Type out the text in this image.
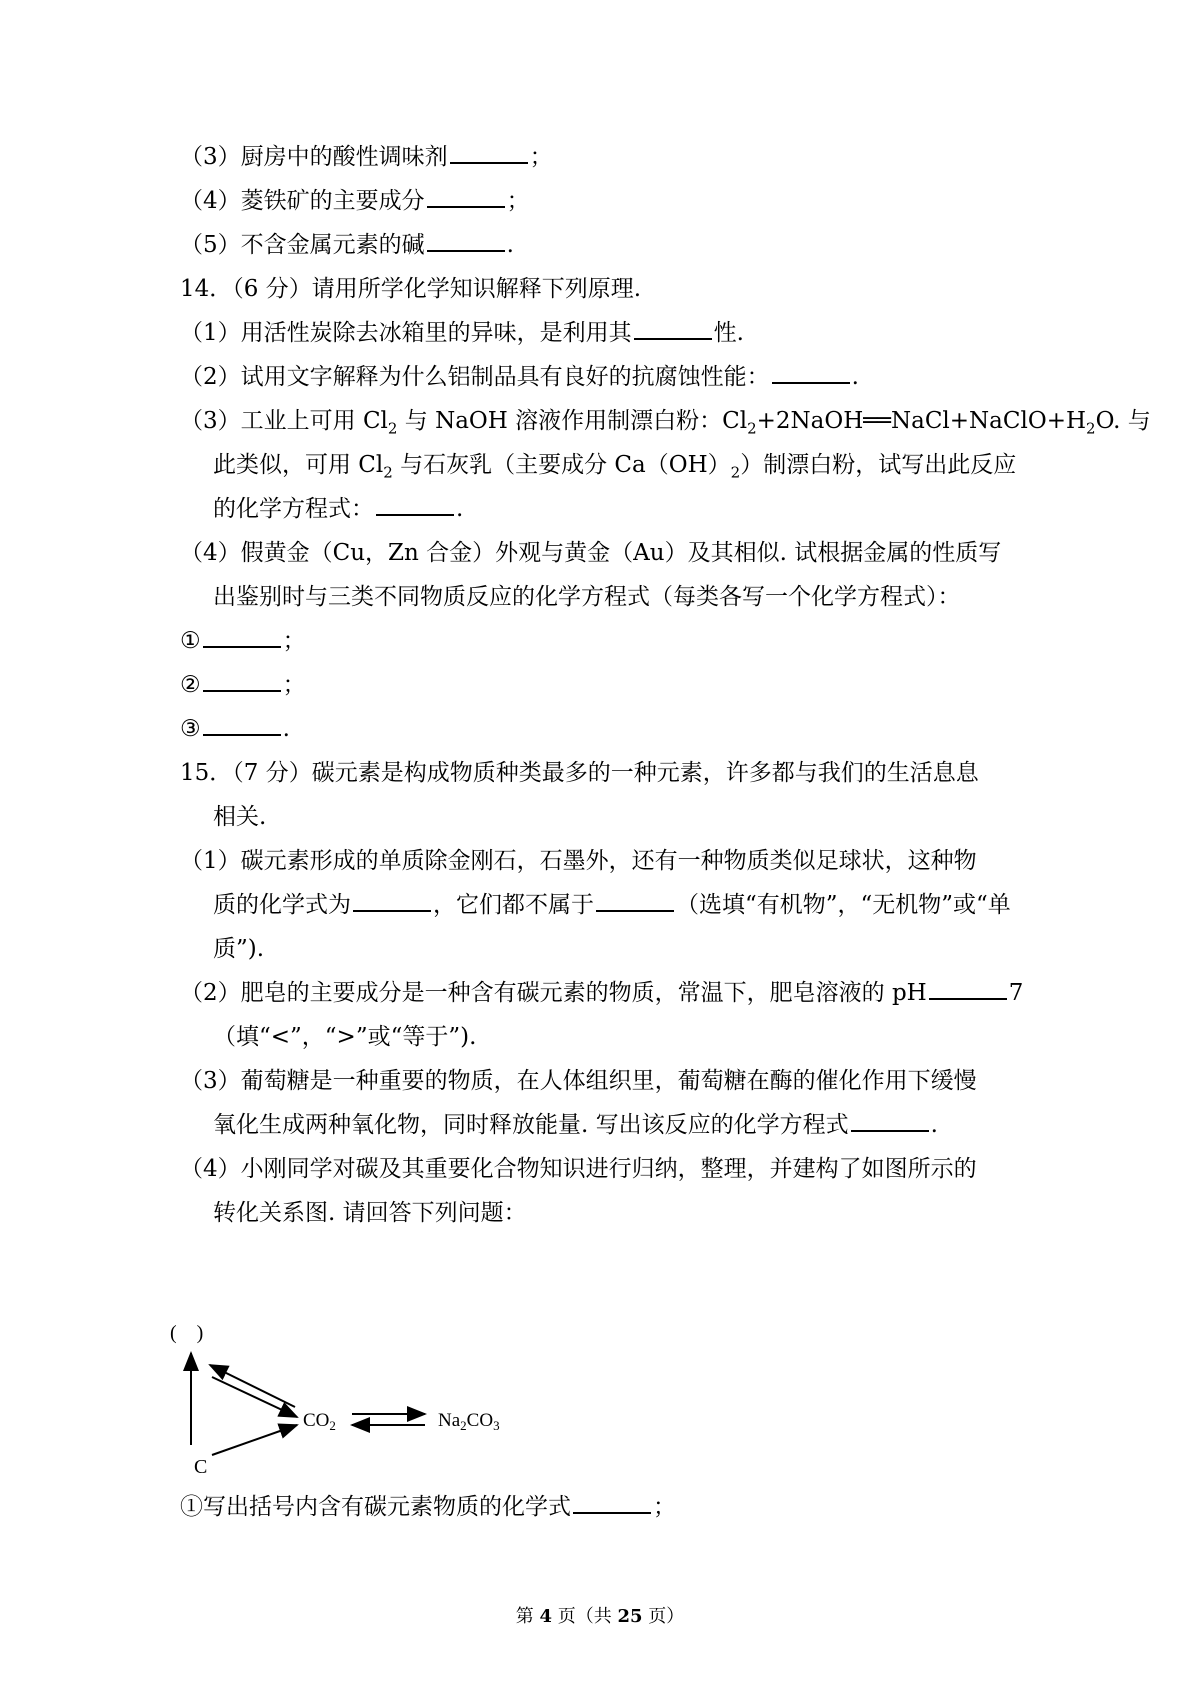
（3）厨房中的酸性调味剂	；
（4）菱铁矿的主要成分	；
（5）不含金属元素的碱	.
14．（6 分）请用所学化学知识解释下列原理.
（1）用活性炭除去冰箱里的异味，是利用其	性.
（2）试用文字解释为什么铝制品具有良好的抗腐蚀性能：	.
（3）工业上可用 $Cl_2$ 与 NaOH 溶液作用制漂白粉：$Cl_2+2NaOH══NaCl+NaClO+H_2O$. 与
此类似，可用 $Cl_2$ 与石灰乳（主要成分 $Ca(OH)_2$）制漂白粉，试写出此反应
的化学方程式：	.
（4）假黄金（Cu，Zn 合金）外观与黄金（Au）及其相似. 试根据金属的性质写
出鉴别时与三类不同物质反应的化学方程式（每类各写一个化学方程式）：
①	；
②	；
③	.
15．（7 分）碳元素是构成物质种类最多的一种元素，许多都与我们的生活息息
相关.
（1）碳元素形成的单质除金刚石，石墨外，还有一种物质类似足球状，这种物
质的化学式为	，它们都不属于	（选填“有机物”，“无机物”或“单
质”).
（2）肥皂的主要成分是一种含有碳元素的物质，常温下，肥皂溶液的 pH	7
（填“<”，“>”或“等于”).
（3）葡萄糖是一种重要的物质，在人体组织里，葡萄糖在酶的催化作用下缓慢
氧化生成两种氧化物，同时释放能量. 写出该反应的化学方程式	.
（4）小刚同学对碳及其重要化合物知识进行归纳，整理，并建构了如图所示的
转化关系图. 请回答下列问题：
(　)
$CO_2$	$Na_2CO_3$
C
①写出括号内含有碳元素物质的化学式	；
第 4 页（共 25 页）
